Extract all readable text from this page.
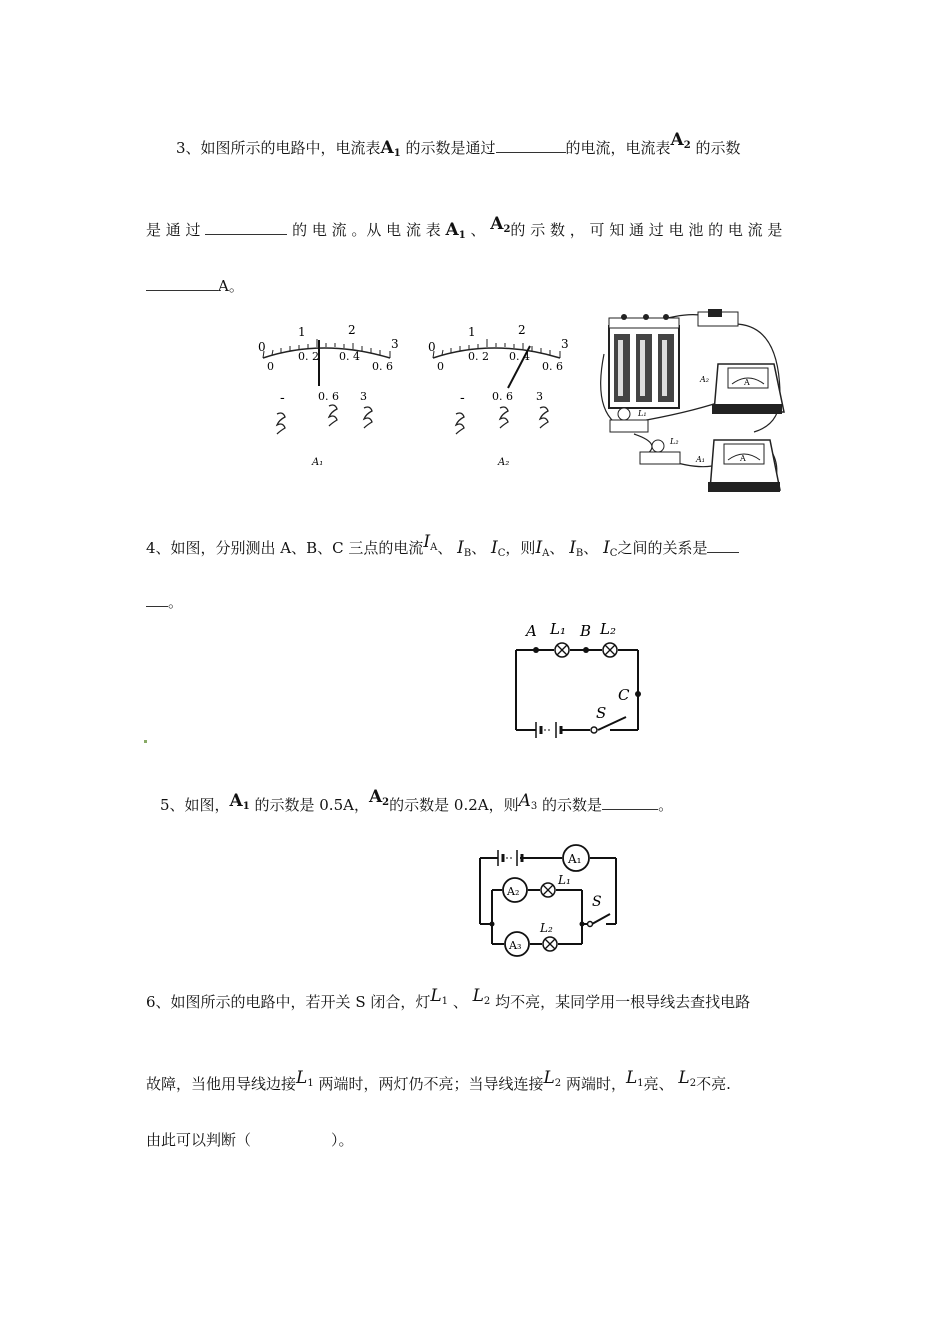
3、如图所示的电路中，电流表$A_1$ 的示数是通过	的电流，电流表$A_2$ 的示数
是 通 过	的 电 流 。从 电 流 表 $A_1$ 、 $A_2$的 示 数 ， 可 知 通 过 电 池 的 电 流 是
A。
0
1	2
3
0
0. 2 0. 4
0. 6
-	0. 6 3
A₁
0
1	2
3
0
0. 2 0. 4
0. 6
- 0. 6 3
A₂
A
A₂
L₁
L₂
A
A₁
4、如图，分别测出 A、B、C 三点的电流$I_A$、 $I_B$、 $I_C$，则$I_A$、 $I_B$、 $I_C$之间的关系是
。
A L₁ B L₂
C
S
5、如图，$A_1$ 的示数是 0.5A，$A_2$的示数是 0.2A，则$A_3$ 的示数是	。
A₁
A₂
A₃
L₁
L₂
S
6、如图所示的电路中，若开关 S 闭合，灯$L_1$ 、 $L_2$ 均不亮，某同学用一根导线去查找电路
故障，当他用导线边接$L_1$ 两端时，两灯仍不亮；当导线连接$L_2$ 两端时，$L_1$亮、 $L_2$不亮.
由此可以判断（	）。
